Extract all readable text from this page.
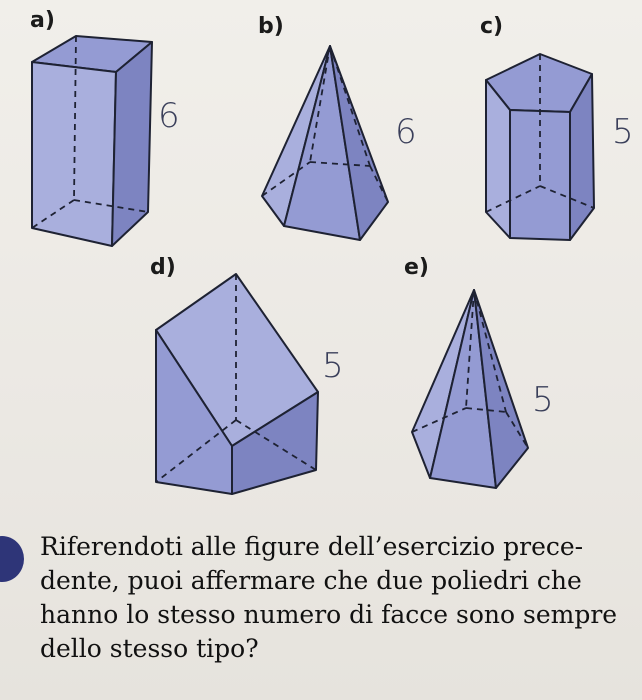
a)	b)	c)
d)	e)
6	6	5
5
5
Riferendoti alle figure dell’esercizio prece-dente, puoi affermare che due poliedri che hanno lo stesso numero di facce sono sempre dello stesso tipo?
